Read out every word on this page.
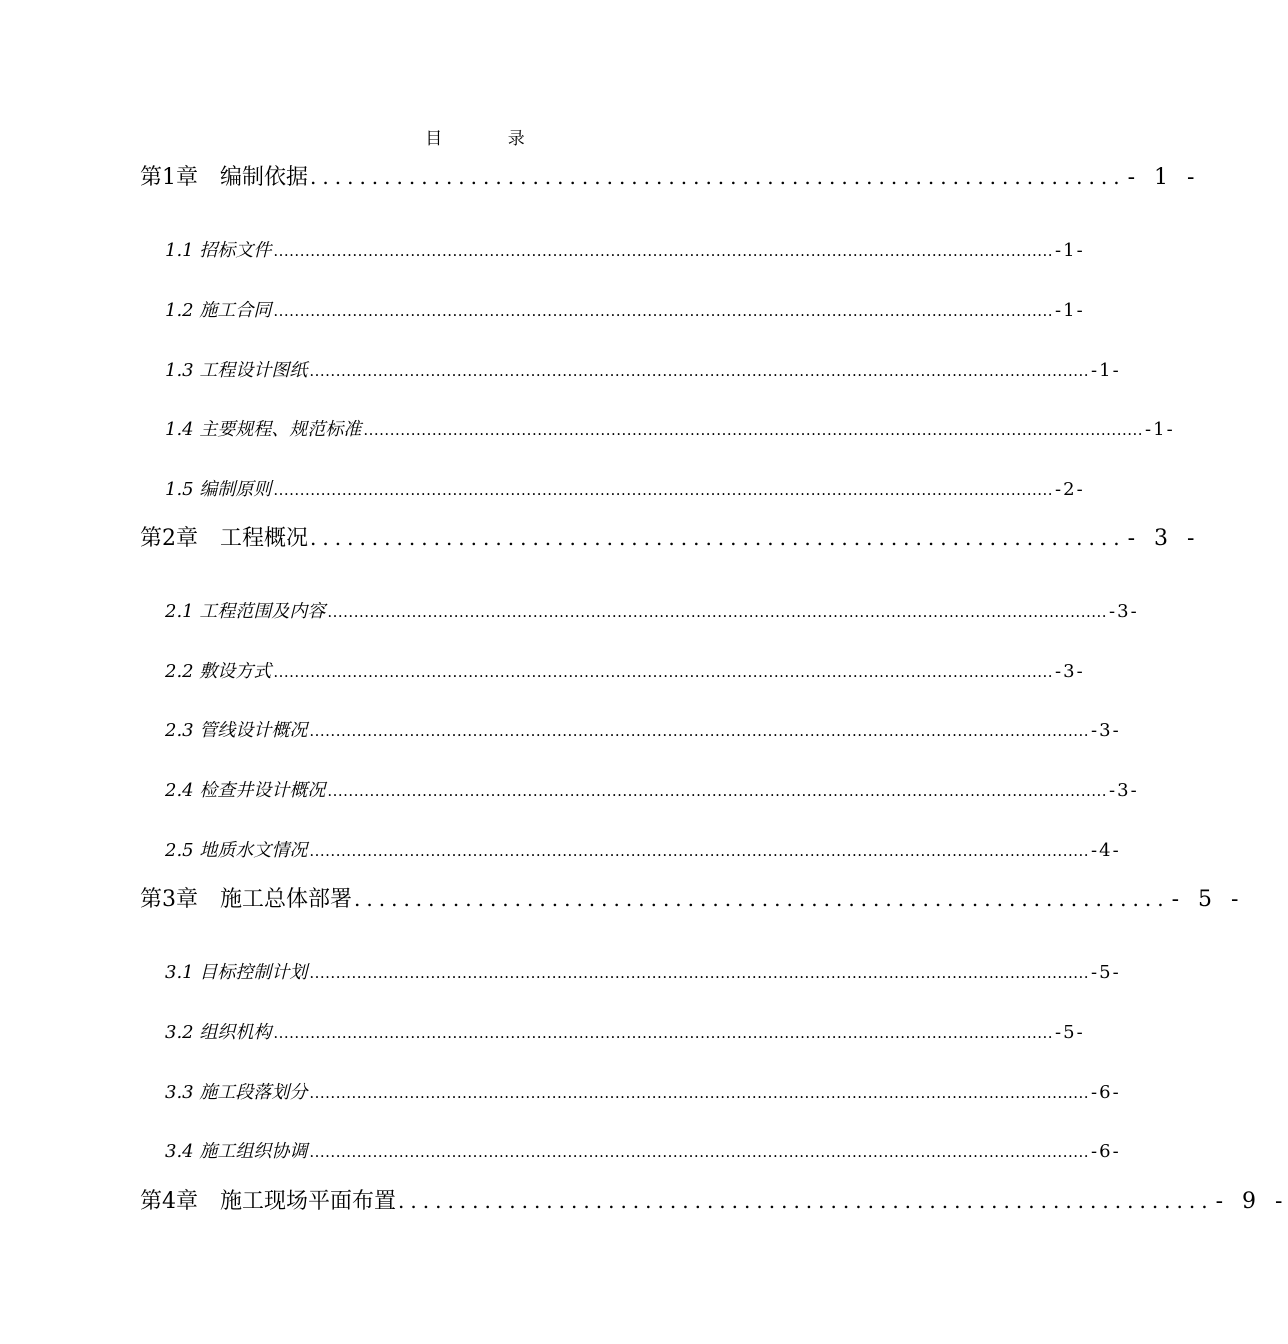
目 录
第1章 编制依据 .................................................................. - 1 -
1.1 招标文件 .................................................................................................................................................... -1-
1.2 施工合同 .................................................................................................................................................... -1-
1.3 工程设计图纸 .................................................................................................................................................... -1-
1.4 主要规程、规范标准 .................................................................................................................................................... -1-
1.5 编制原则 .................................................................................................................................................... -2-
第2章 工程概况 .................................................................. - 3 -
2.1 工程范围及内容 .................................................................................................................................................... -3-
2.2 敷设方式 .................................................................................................................................................... -3-
2.3 管线设计概况 .................................................................................................................................................... -3-
2.4 检查井设计概况 .................................................................................................................................................... -3-
2.5 地质水文情况 .................................................................................................................................................... -4-
第3章 施工总体部署 .................................................................. - 5 -
3.1 目标控制计划 .................................................................................................................................................... -5-
3.2 组织机构 .................................................................................................................................................... -5-
3.3 施工段落划分 .................................................................................................................................................... -6-
3.4 施工组织协调 .................................................................................................................................................... -6-
第4章 施工现场平面布置 .................................................................. - 9 -
